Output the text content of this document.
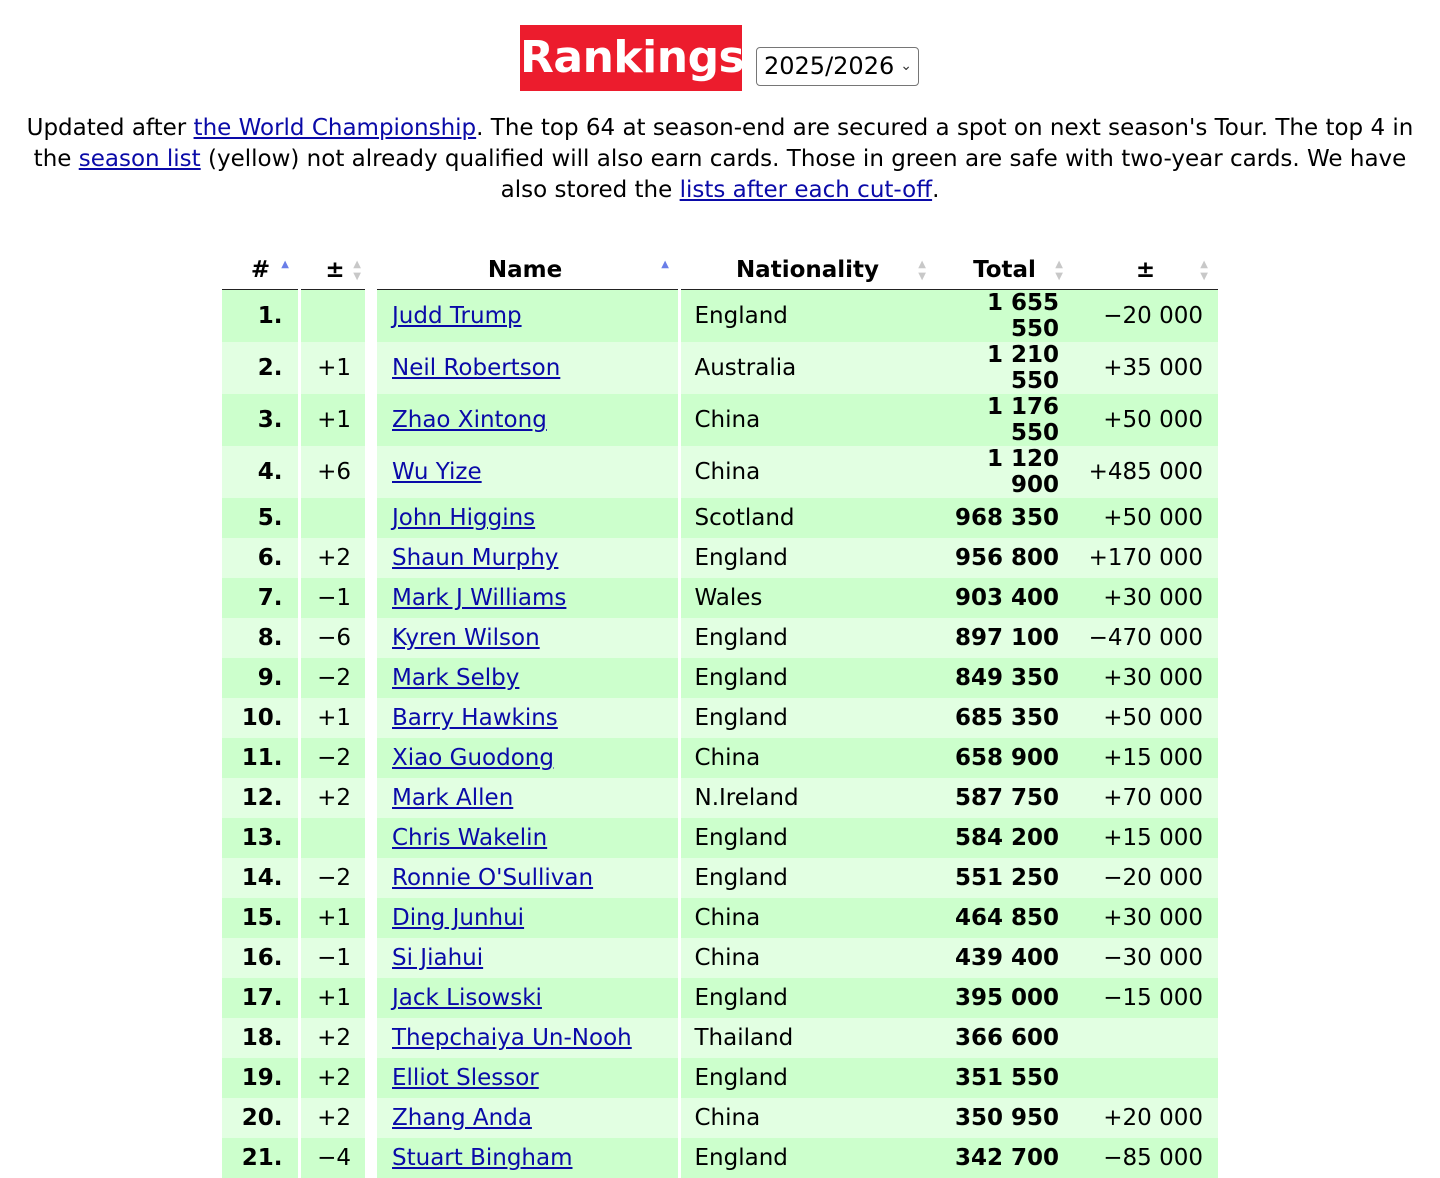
Rankings 2025/2026 ⌄
Updated after the World Championship. The top 64 at season-end are secured a spot on next season's Tour. The top 4 in the season list (yellow) not already qualified will also earn cards. Those in green are safe with two-year cards. We have also stored the lists after each cut-off.
# ▲	± ▲
▼	Name ▲	Nationality ▲
▼	Total ▲
▼	± ▲
▼

1.		Judd Trump	England	1 655 550	−20 000
2.	+1	Neil Robertson	Australia	1 210 550	+35 000
3.	+1	Zhao Xintong	China	1 176 550	+50 000
4.	+6	Wu Yize	China	1 120 900	+485 000
5.		John Higgins	Scotland	968 350	+50 000
6.	+2	Shaun Murphy	England	956 800	+170 000
7.	−1	Mark J Williams	Wales	903 400	+30 000
8.	−6	Kyren Wilson	England	897 100	−470 000
9.	−2	Mark Selby	England	849 350	+30 000
10.	+1	Barry Hawkins	England	685 350	+50 000
11.	−2	Xiao Guodong	China	658 900	+15 000
12.	+2	Mark Allen	N.Ireland	587 750	+70 000
13.		Chris Wakelin	England	584 200	+15 000
14.	−2	Ronnie O'Sullivan	England	551 250	−20 000
15.	+1	Ding Junhui	China	464 850	+30 000
16.	−1	Si Jiahui	China	439 400	−30 000
17.	+1	Jack Lisowski	England	395 000	−15 000
18.	+2	Thepchaiya Un-Nooh	Thailand	366 600	
19.	+2	Elliot Slessor	England	351 550	
20.	+2	Zhang Anda	China	350 950	+20 000
21.	−4	Stuart Bingham	England	342 700	−85 000
